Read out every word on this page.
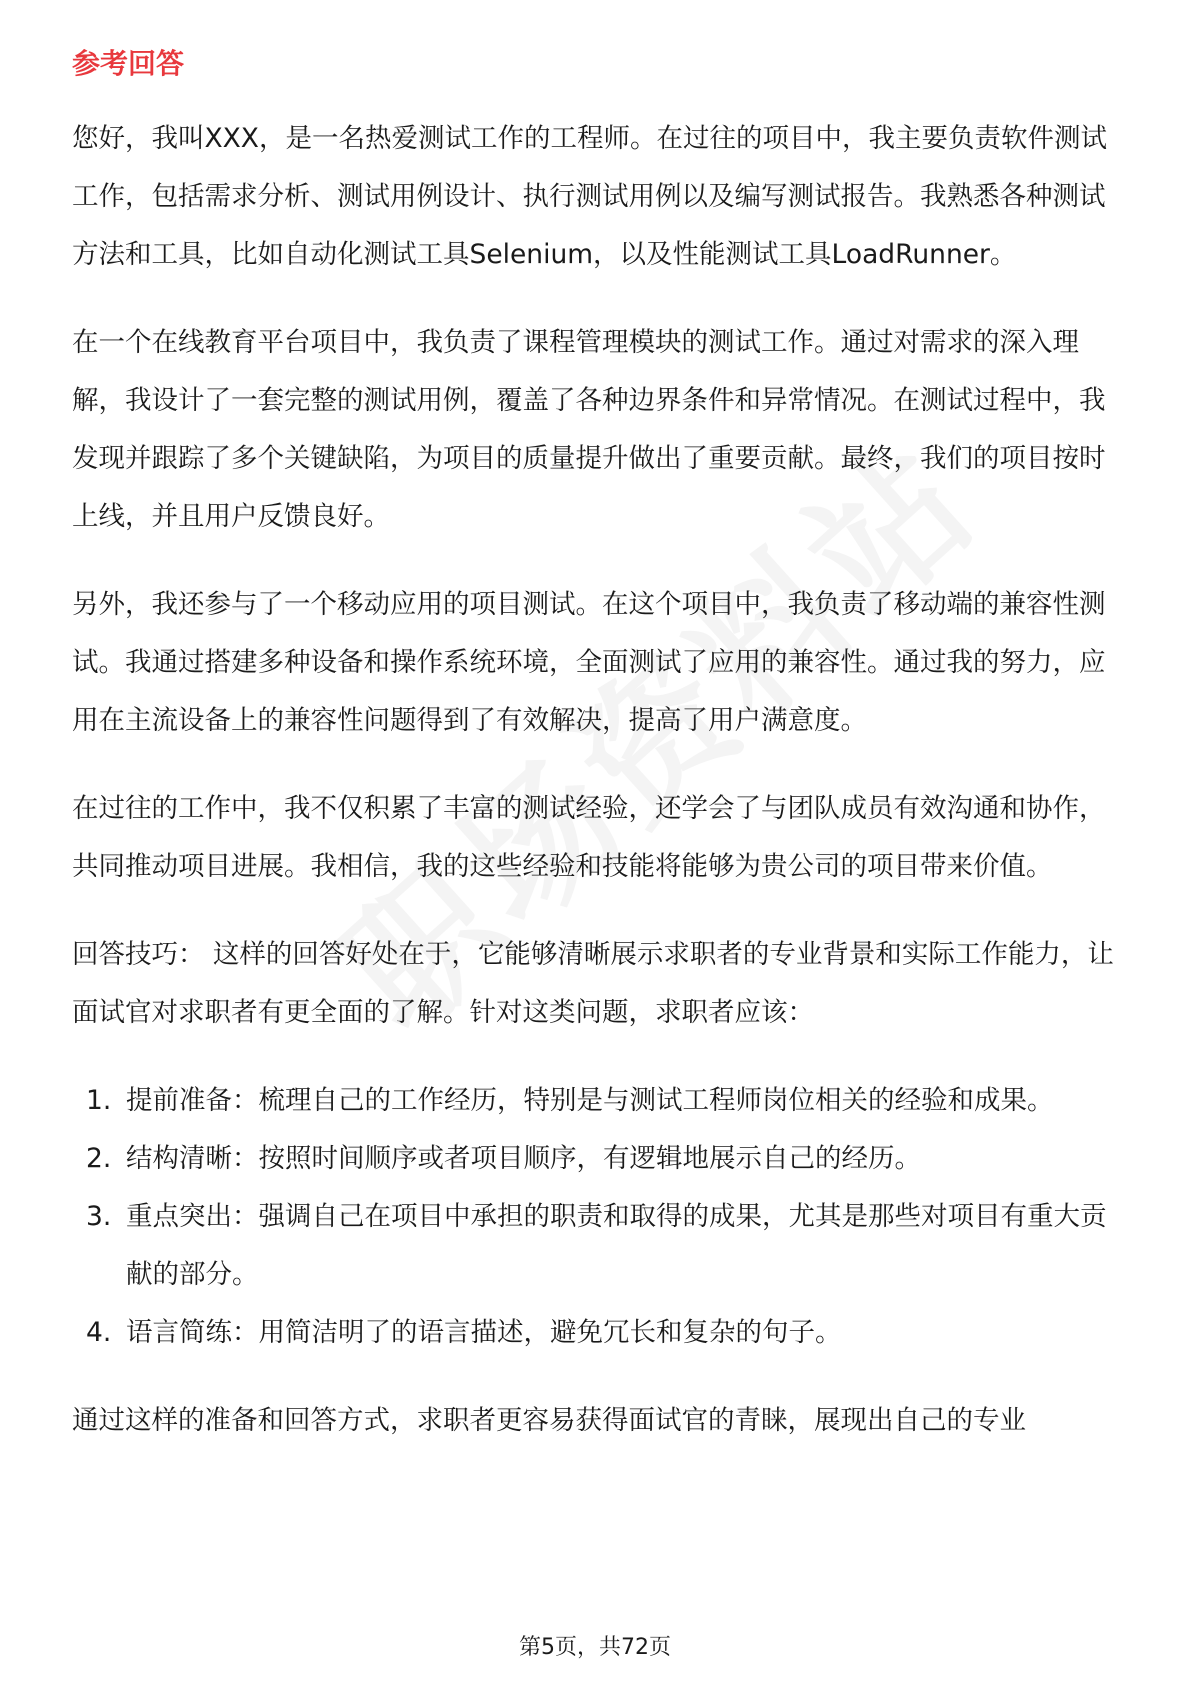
参考回答

您好，我叫XXX，是一名热爱测试工作的工程师。在过往的项目中，我主要负责软件测试工作，包括需求分析、测试用例设计、执行测试用例以及编写测试报告。我熟悉各种测试方法和工具，比如自动化测试工具Selenium，以及性能测试工具LoadRunner。

在一个在线教育平台项目中，我负责了课程管理模块的测试工作。通过对需求的深入理解，我设计了一套完整的测试用例，覆盖了各种边界条件和异常情况。在测试过程中，我发现并跟踪了多个关键缺陷，为项目的质量提升做出了重要贡献。最终，我们的项目按时上线，并且用户反馈良好。

另外，我还参与了一个移动应用的项目测试。在这个项目中，我负责了移动端的兼容性测试。我通过搭建多种设备和操作系统环境，全面测试了应用的兼容性。通过我的努力，应用在主流设备上的兼容性问题得到了有效解决，提高了用户满意度。

在过往的工作中，我不仅积累了丰富的测试经验，还学会了与团队成员有效沟通和协作，共同推动项目进展。我相信，我的这些经验和技能将能够为贵公司的项目带来价值。

回答技巧： 这样的回答好处在于，它能够清晰展示求职者的专业背景和实际工作能力，让面试官对求职者有更全面的了解。针对这类问题，求职者应该：

1. 提前准备：梳理自己的工作经历，特别是与测试工程师岗位相关的经验和成果。
2. 结构清晰：按照时间顺序或者项目顺序，有逻辑地展示自己的经历。
3. 重点突出：强调自己在项目中承担的职责和取得的成果，尤其是那些对项目有重大贡献的部分。
4. 语言简练：用简洁明了的语言描述，避免冗长和复杂的句子。

通过这样的准备和回答方式，求职者更容易获得面试官的青睐，展现出自己的专业

第5页，共72页
